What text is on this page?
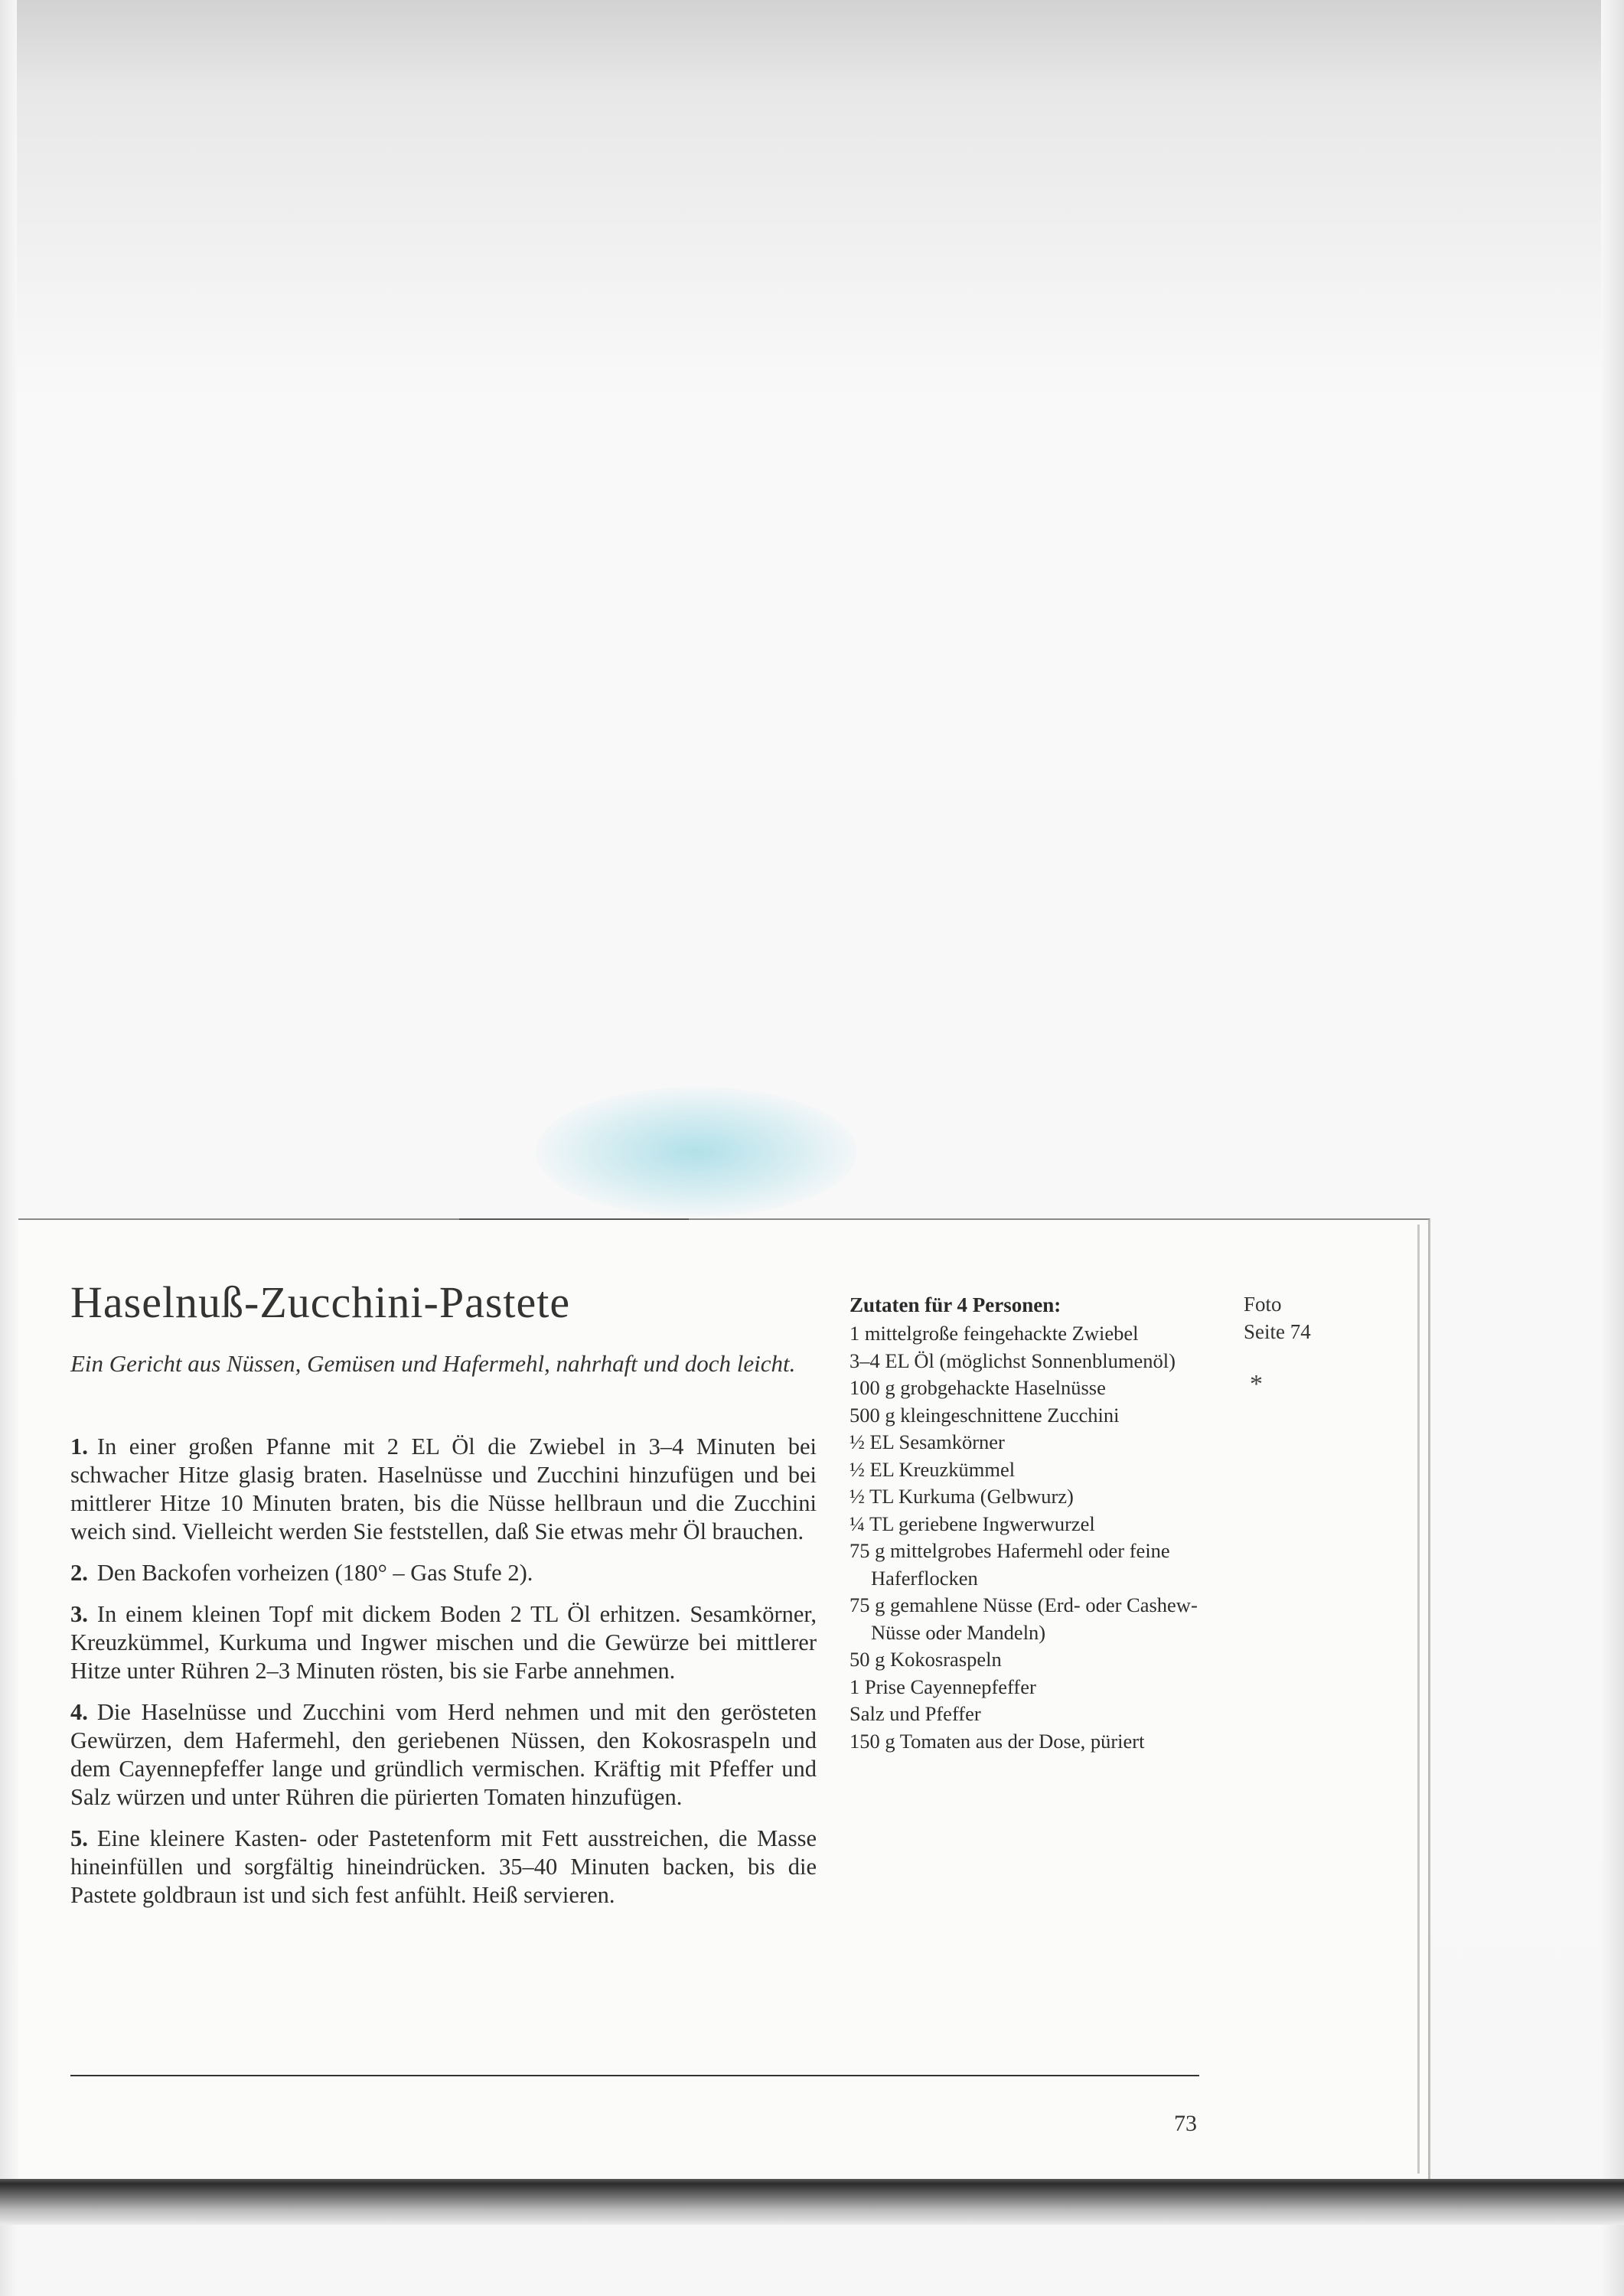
Haselnuß-Zucchini-Pastete

Ein Gericht aus Nüssen, Gemüsen und Hafermehl, nahrhaft und doch leicht.

1. In einer großen Pfanne mit 2 EL Öl die Zwiebel in 3–4 Minuten bei schwacher Hitze glasig braten. Haselnüsse und Zucchini hinzufügen und bei mittlerer Hitze 10 Minuten braten, bis die Nüsse hellbraun und die Zucchini weich sind. Vielleicht werden Sie feststellen, daß Sie etwas mehr Öl brauchen.
2. Den Backofen vorheizen (180° – Gas Stufe 2).
3. In einem kleinen Topf mit dickem Boden 2 TL Öl erhitzen. Sesamkörner, Kreuzkümmel, Kurkuma und Ingwer mischen und die Gewürze bei mittlerer Hitze unter Rühren 2–3 Minuten rösten, bis sie Farbe annehmen.
4. Die Haselnüsse und Zucchini vom Herd nehmen und mit den gerösteten Gewürzen, dem Hafermehl, den geriebenen Nüssen, den Kokosraspeln und dem Cayennepfeffer lange und gründlich vermischen. Kräftig mit Pfeffer und Salz würzen und unter Rühren die pürierten Tomaten hinzufügen.
5. Eine kleinere Kasten- oder Pastetenform mit Fett ausstreichen, die Masse hineinfüllen und sorgfältig hineindrücken. 35–40 Minuten backen, bis die Pastete goldbraun ist und sich fest anfühlt. Heiß servieren.
Zutaten für 4 Personen:
1 mittelgroße feingehackte Zwiebel
3–4 EL Öl (möglichst Sonnenblumenöl)
100 g grobgehackte Haselnüsse
500 g kleingeschnittene Zucchini
½ EL Sesamkörner
½ EL Kreuzkümmel
½ TL Kurkuma (Gelbwurz)
¼ TL geriebene Ingwerwurzel
75 g mittelgrobes Hafermehl oder feine Haferflocken
75 g gemahlene Nüsse (Erd- oder Cashew-Nüsse oder Mandeln)
50 g Kokosraspeln
1 Prise Cayennepfeffer
Salz und Pfeffer
150 g Tomaten aus der Dose, püriert
Foto
Seite 74
*
73
